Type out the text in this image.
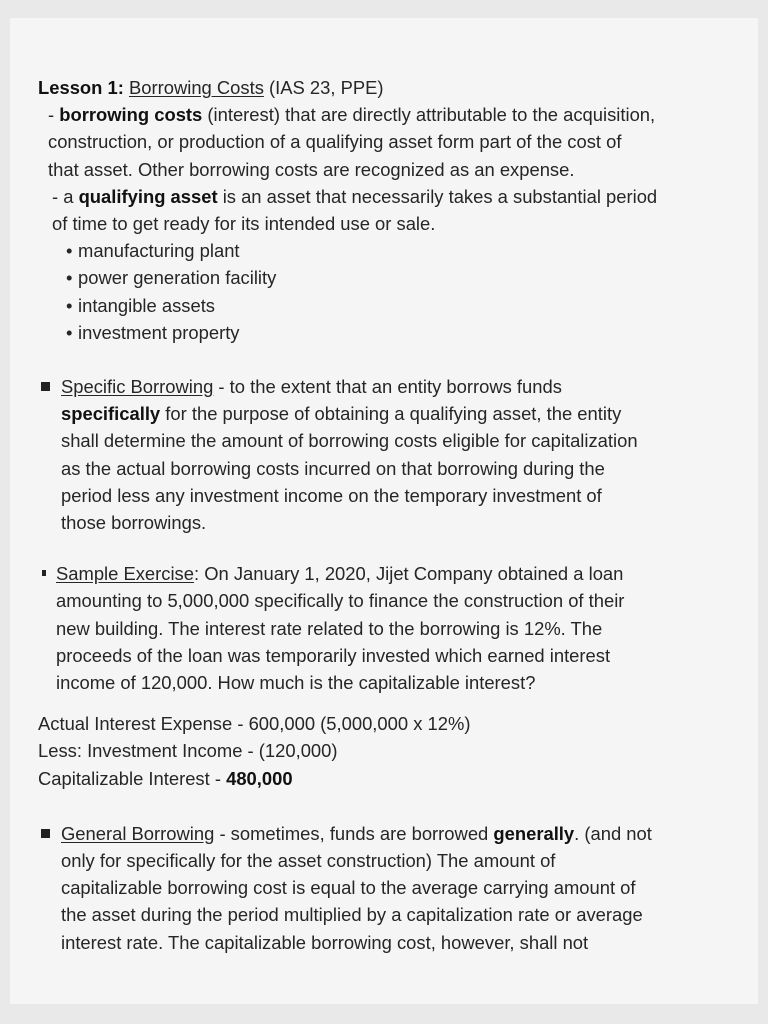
Lesson 1: Borrowing Costs (IAS 23, PPE)
- borrowing costs (interest) that are directly attributable to the acquisition,
construction, or production of a qualifying asset form part of the cost of
that asset. Other borrowing costs are recognized as an expense.
- a qualifying asset is an asset that necessarily takes a substantial period
of time to get ready for its intended use or sale.
• manufacturing plant
• power generation facility
• intangible assets
• investment property
Specific Borrowing - to the extent that an entity borrows funds
specifically for the purpose of obtaining a qualifying asset, the entity
shall determine the amount of borrowing costs eligible for capitalization
as the actual borrowing costs incurred on that borrowing during the
period less any investment income on the temporary investment of
those borrowings.
Sample Exercise: On January 1, 2020, Jijet Company obtained a loan
amounting to 5,000,000 specifically to finance the construction of their
new building. The interest rate related to the borrowing is 12%. The
proceeds of the loan was temporarily invested which earned interest
income of 120,000. How much is the capitalizable interest?
Actual Interest Expense - 600,000 (5,000,000 x 12%)
Less: Investment Income - (120,000)
Capitalizable Interest - 480,000
General Borrowing - sometimes, funds are borrowed generally. (and not
only for specifically for the asset construction) The amount of
capitalizable borrowing cost is equal to the average carrying amount of
the asset during the period multiplied by a capitalization rate or average
interest rate. The capitalizable borrowing cost, however, shall not
